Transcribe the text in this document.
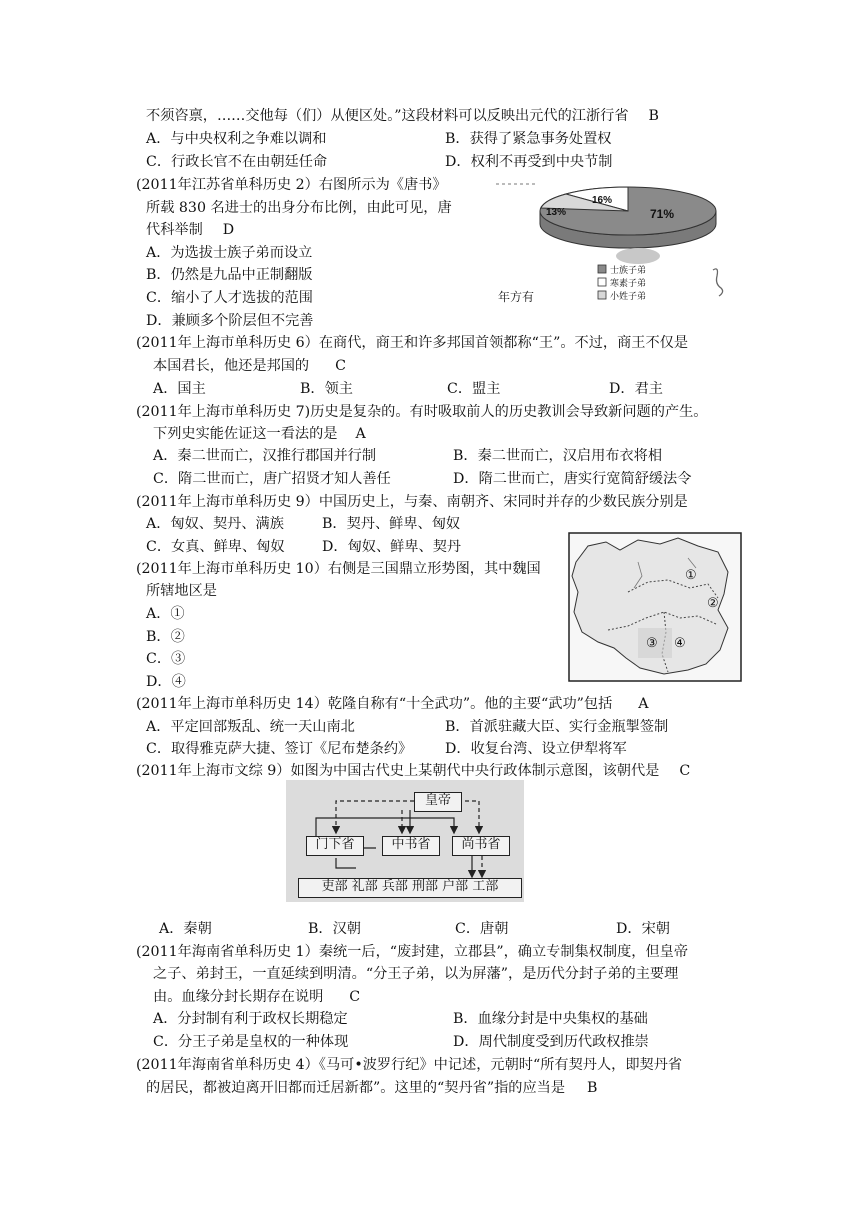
不须咨禀，……交他每（们）从便区处。”这段材料可以反映出元代的江浙行省 B
A．与中央权利之争难以调和	B．获得了紧急事务处置权
C．行政长官不在由朝廷任命	D．权利不再受到中央节制
(2011年江苏省单科历史 2）右图所示为《唐书》
所载 830 名进士的出身分布比例，由此可见，唐
代科举制 D
A．为选拔士族子弟而设立
B．仍然是九品中正制翻版
C．缩小了人才选拔的范围
D．兼顾多个阶层但不完善
71%
16%
13%
士族子弟
寒素子弟
小姓子弟
年方有
(2011年上海市单科历史 6）在商代，商王和许多邦国首领都称“王”。不过，商王不仅是
本国君长，他还是邦国的 C
A．国主	B．领主	C．盟主	D．君主
(2011年上海市单科历史 7)历史是复杂的。有时吸取前人的历史教训会导致新问题的产生。
下列史实能佐证这一看法的是 A
A．秦二世而亡，汉推行郡国并行制	B．秦二世而亡，汉启用布衣将相
C．隋二世而亡，唐广招贤才知人善任	D．隋二世而亡，唐实行宽简舒缓法令
(2011年上海市单科历史 9）中国历史上，与秦、南朝齐、宋同时并存的少数民族分别是
A．匈奴、契丹、满族	B．契丹、鲜卑、匈奴
C．女真、鲜卑、匈奴	D．匈奴、鲜卑、契丹
(2011年上海市单科历史 10）右侧是三国鼎立形势图，其中魏国
所辖地区是
A．①
B．②
C．③
D．④
①
②
④
③
(2011年上海市单科历史 14）乾隆自称有“十全武功”。他的主要“武功”包括 A
A．平定回部叛乱、统一天山南北	B．首派驻藏大臣、实行金瓶掣签制
C．取得雅克萨大捷、签订《尼布楚条约》 D．收复台湾、设立伊犁将军
(2011年上海市文综 9）如图为中国古代史上某朝代中央行政体制示意图，该朝代是 C
皇帝
门下省	中书省	尚书省
吏部 礼部 兵部 刑部 户部 工部
A．秦朝	B．汉朝	C．唐朝	D．宋朝
(2011年海南省单科历史 1）秦统一后，“废封建，立郡县”，确立专制集权制度，但皇帝
之子、弟封王，一直延续到明清。“分王子弟，以为屏藩”，是历代分封子弟的主要理
由。血缘分封长期存在说明 C
A．分封制有利于政权长期稳定	B．血缘分封是中央集权的基础
C．分王子弟是皇权的一种体现	D．周代制度受到历代政权推崇
(2011年海南省单科历史 4）《马可•波罗行纪》中记述，元朝时“所有契丹人，即契丹省
的居民，都被迫离开旧都而迁居新都”。这里的“契丹省”指的应当是 B
